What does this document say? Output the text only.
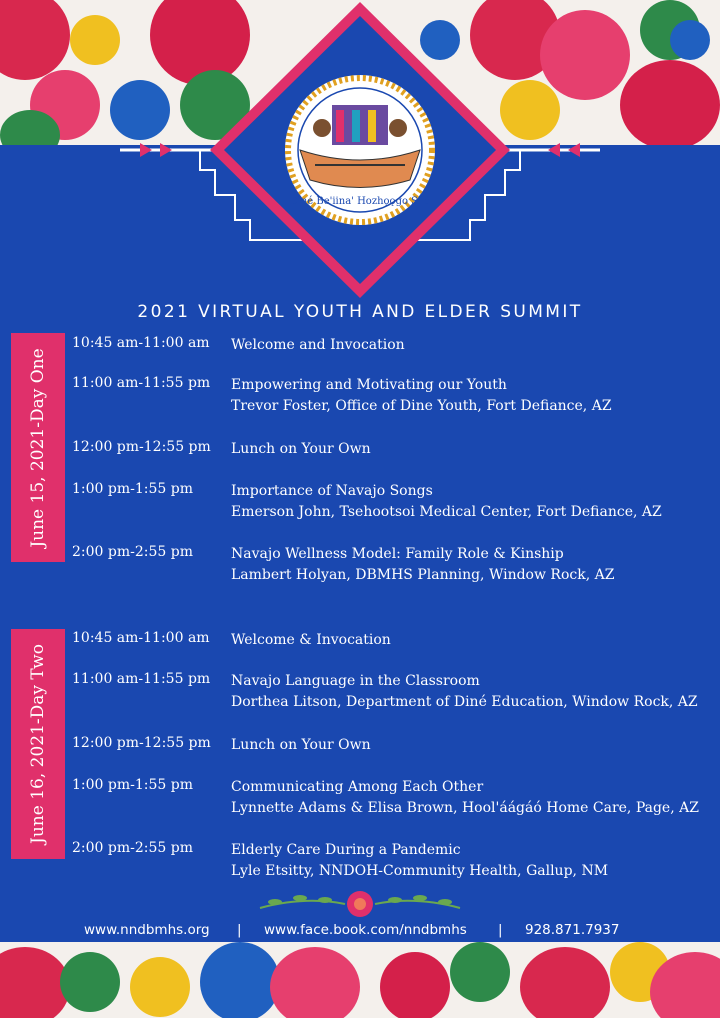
Diné Be'iina' Hozhǫǫgo Silá
2021 VIRTUAL YOUTH AND ELDER SUMMIT
June 15, 2021-Day One
10:45 am-11:00 am Welcome and Invocation
11:00 am-11:55 pm Empowering and Motivating our Youth
Trevor Foster, Office of Dine Youth, Fort Defiance, AZ
12:00 pm-12:55 pm Lunch on Your Own
1:00 pm-1:55 pm	Importance of Navajo Songs
Emerson John, Tsehootsoi Medical Center, Fort Defiance, AZ
2:00 pm-2:55 pm	Navajo Wellness Model: Family Role & Kinship
Lambert Holyan, DBMHS Planning, Window Rock, AZ
June 16, 2021-Day Two
10:45 am-11:00 am Welcome & Invocation
11:00 am-11:55 pm Navajo Language in the Classroom
Dorthea Litson, Department of Diné Education, Window Rock, AZ
12:00 pm-12:55 pm Lunch on Your Own
1:00 pm-1:55 pm	Communicating Among Each Other
Lynnette Adams & Elisa Brown, Hool'áágáó Home Care, Page, AZ
2:00 pm-2:55 pm	Elderly Care During a Pandemic
Lyle Etsitty, NNDOH-Community Health, Gallup, NM
www.nndbmhs.org | www.face.book.com/nndbmhs | 928.871.7937
